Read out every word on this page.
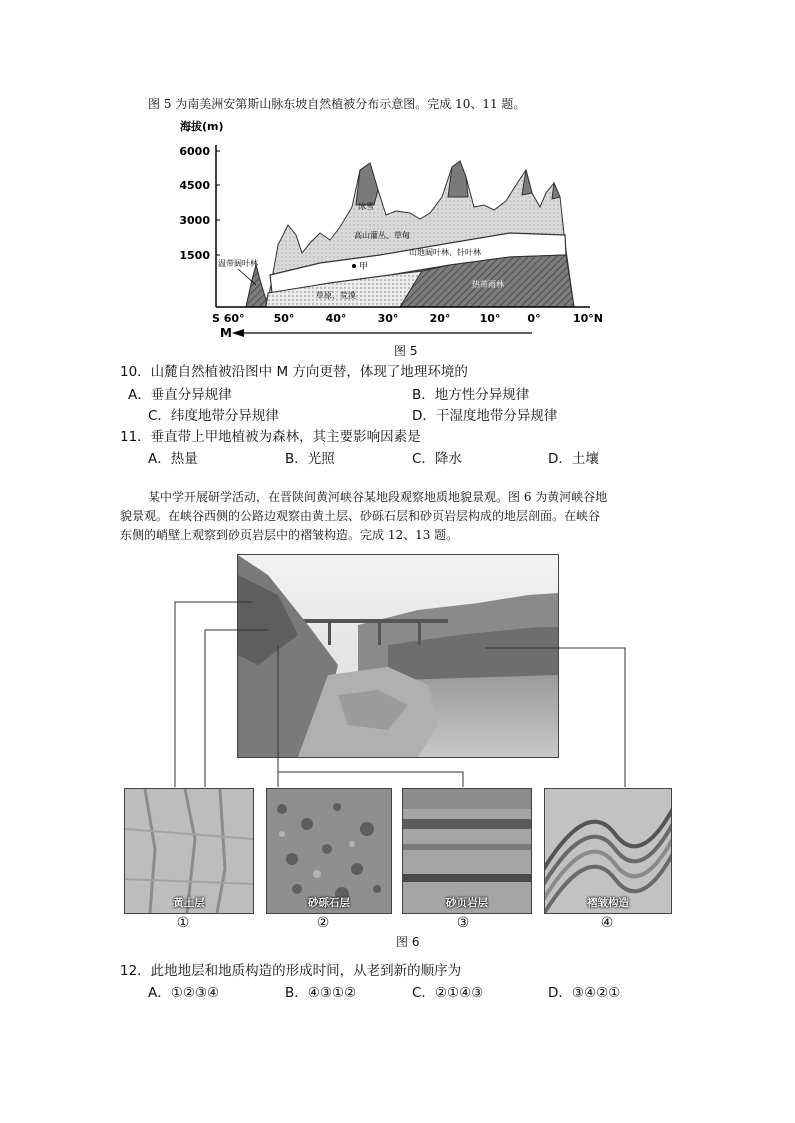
图 5 为南美洲安第斯山脉东坡自然植被分布示意图。完成 10、11 题。
海拔(m)
6000
4500
3000
1500
冰雪
高山灌丛、草甸
山地阔叶林、针叶林
温带阔叶林
草原、荒漠
热带雨林
甲
S 60°	50°	40°	30°	20°	10° 0°	10°N
M
图 5
10．山麓自然植被沿图中 M 方向更替，体现了地理环境的
A．垂直分异规律	B．地方性分异规律
C．纬度地带分异规律	D．干湿度地带分异规律
11．垂直带上甲地植被为森林，其主要影响因素是
A．热量	B．光照	C．降水	D．土壤
某中学开展研学活动，在晋陕间黄河峡谷某地段观察地质地貌景观。图 6 为黄河峡谷地
貌景观。在峡谷西侧的公路边观察由黄土层、砂砾石层和砂页岩层构成的地层剖面。在峡谷
东侧的峭壁上观察到砂页岩层中的褶皱构造。完成 12、13 题。
黄土层	砂砾石层	砂页岩层	褶皱构造
①	②	③	④
图 6
12．此地地层和地质构造的形成时间，从老到新的顺序为
A．①②③④	B．④③①②	C．②①④③	D．③④②①
